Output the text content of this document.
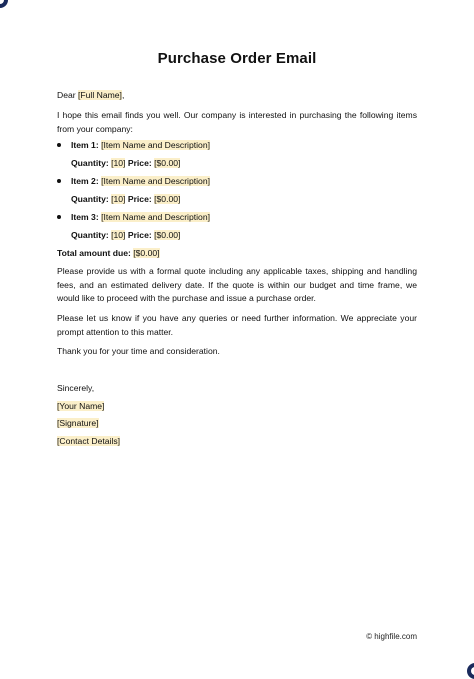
Purchase Order Email
Dear [Full Name],
I hope this email finds you well. Our company is interested in purchasing the following items from your company:
Item 1: [Item Name and Description]
Quantity: [10] Price: [$0.00]
Item 2: [Item Name and Description]
Quantity: [10] Price: [$0.00]
Item 3: [Item Name and Description]
Quantity: [10] Price: [$0.00]
Total amount due: [$0.00]
Please provide us with a formal quote including any applicable taxes, shipping and handling fees, and an estimated delivery date. If the quote is within our budget and time frame, we would like to proceed with the purchase and issue a purchase order.
Please let us know if you have any queries or need further information. We appreciate your prompt attention to this matter.
Thank you for your time and consideration.
Sincerely,
[Your Name]
[Signature]
[Contact Details]
© highfile.com
